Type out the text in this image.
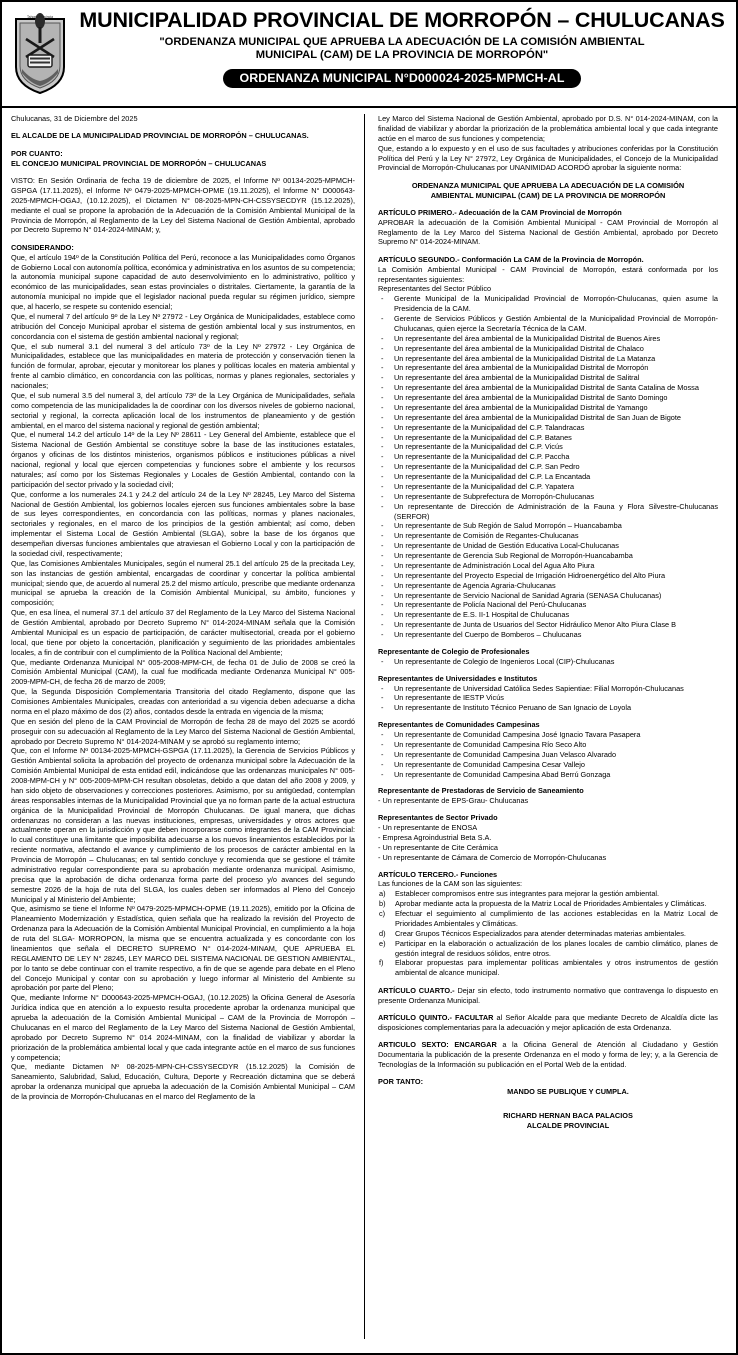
Tahona Provincia MUNICIPALIDAD PROVINCIAL DE MORROPÓN – CHULUCANAS
"ORDENANZA MUNICIPAL QUE APRUEBA LA ADECUACIÓN DE LA COMISIÓN AMBIENTAL
MUNICIPAL (CAM) DE LA PROVINCIA DE MORROPÓN"
ORDENANZA MUNICIPAL N°D000024-2025-MPMCH-AL

Chulucanas, 31 de Diciembre del 2025

EL ALCALDE DE LA MUNICIPALIDAD PROVINCIAL DE MORROPÓN – CHULUCANAS.

POR CUANTO:

EL CONCEJO MUNICIPAL PROVINCIAL DE MORROPÓN – CHULUCANAS

VISTO: En Sesión Ordinaria de fecha 19 de diciembre de 2025, el Informe Nº 00134-2025-MPMCH-GSPGA (17.11.2025), el Informe Nº 0479-2025-MPMCH-OPME (19.11.2025), el Informe N° D000643-2025-MPMCH-OGAJ, (10.12.2025), el Dictamen N° 08-2025-MPN-CH-CSSYSECDYR (15.12.2025), mediante el cual se propone la aprobación de la Adecuación de la Comisión Ambiental Municipal de la Provincia de Morropón, al Reglamento de la Ley del Sistema Nacional de Gestión Ambiental, aprobado por Decreto Supremo N° 014-2024-MINAM; y,

CONSIDERANDO:

Que, el artículo 194º de la Constitución Política del Perú, reconoce a las Municipalidades como Órganos de Gobierno Local con autonomía política, económica y administrativa en los asuntos de su competencia; la autonomía municipal supone capacidad de auto desenvolvimiento en lo administrativo, político y económico de las municipalidades, sean estas provinciales o distritales. Ciertamente, la garantía de la autonomía municipal no impide que el legislador nacional pueda regular su régimen jurídico, siempre que, al hacerlo, se respete su contenido esencial;

Que, el numeral 7 del artículo 9º de la Ley Nº 27972 - Ley Orgánica de Municipalidades, establece como atribución del Concejo Municipal aprobar el sistema de gestión ambiental local y sus instrumentos, en concordancia con el sistema de gestión ambiental nacional y regional;

Que, el sub numeral 3.1 del numeral 3 del artículo 73º de la Ley Nº 27972 - Ley Orgánica de Municipalidades, establece que las municipalidades en materia de protección y conservación tienen la función de formular, aprobar, ejecutar y monitorear los planes y políticas locales en materia ambiental y frente al cambio climático, en concordancia con las políticas, normas y planes regionales, sectoriales y nacionales;

Que, el sub numeral 3.5 del numeral 3, del artículo 73º de la Ley Orgánica de Municipalidades, señala como competencia de las municipalidades la de coordinar con los diversos niveles de gobierno nacional, sectorial y regional, la correcta aplicación local de los instrumentos de planeamiento y de gestión ambiental, en el marco del sistema nacional y regional de gestión ambiental;

Que, el numeral 14.2 del artículo 14º de la Ley Nº 28611 - Ley General del Ambiente, establece que el Sistema Nacional de Gestión Ambiental se constituye sobre la base de las instituciones estatales, órganos y oficinas de los distintos ministerios, organismos públicos e instituciones públicas a nivel nacional, regional y local que ejercen competencias y funciones sobre el ambiente y los recursos naturales; así como por los Sistemas Regionales y Locales de Gestión Ambiental, contando con la participación del sector privado y la sociedad civil;

Que, conforme a los numerales 24.1 y 24.2 del artículo 24 de la Ley Nº 28245, Ley Marco del Sistema Nacional de Gestión Ambiental, los gobiernos locales ejercen sus funciones ambientales sobre la base de sus leyes correspondientes, en concordancia con las políticas, normas y planes nacionales, sectoriales y regionales, en el marco de los principios de la gestión ambiental; así como, deben implementar el Sistema Local de Gestión Ambiental (SLGA), sobre la base de los órganos que desempeñan diversas funciones ambientales que atraviesan el Gobierno Local y con la participación de la sociedad civil, respectivamente;

Que, las Comisiones Ambientales Municipales, según el numeral 25.1 del artículo 25 de la precitada Ley, son las instancias de gestión ambiental, encargadas de coordinar y concertar la política ambiental municipal; siendo que, de acuerdo al numeral 25.2 del mismo artículo, prescribe que mediante ordenanza municipal se aprueba la creación de la Comisión Ambiental Municipal, su ámbito, funciones y composición;

Que, en esa línea, el numeral 37.1 del artículo 37 del Reglamento de la Ley Marco del Sistema Nacional de Gestión Ambiental, aprobado por Decreto Supremo N° 014-2024-MINAM señala que la Comisión Ambiental Municipal es un espacio de participación, de carácter multisectorial, creada por el gobierno local, que tiene por objeto la concertación, planificación y seguimiento de las prioridades ambientales locales, a fin de contribuir con el cumplimiento de la Política Nacional del Ambiente;

Que, mediante Ordenanza Municipal N° 005-2008-MPM-CH, de fecha 01 de Julio de 2008 se creó la Comisión Ambiental Municipal (CAM), la cual fue modificada mediante Ordenanza Municipal N° 005-2009-MPM-CH, de fecha 26 de marzo de 2009;

Que, la Segunda Disposición Complementaria Transitoria del citado Reglamento, dispone que las Comisiones Ambientales Municipales, creadas con anterioridad a su vigencia deben adecuarse a dicha norma en el plazo máximo de dos (2) años, contados desde la entrada en vigencia de la misma;

Que en sesión del pleno de la CAM Provincial de Morropón de fecha 28 de mayo del 2025 se acordó proseguir con su adecuación al Reglamento de la Ley Marco del Sistema Nacional de Gestión Ambiental, aprobado por Decreto Supremo N° 014-2024-MINAM y se aprobó su reglamento interno;

Que, con el Informe Nº 00134-2025-MPMCH-GSPGA (17.11.2025), la Gerencia de Servicios Públicos y Gestión Ambiental solicita la aprobación del proyecto de ordenanza municipal sobre la Adecuación de la Comisión Ambiental Municipal de esta entidad edil, indicándose que las ordenanzas municipales N° 005-2008-MPM-CH y N° 005-2009-MPM-CH resultan obsoletas, debido a que datan del año 2008 y 2009, y han sido objeto de observaciones y correcciones posteriores. Asimismo, por su antigüedad, contemplan áreas responsables internas de la Municipalidad Provincial que ya no forman parte de la actual estructura orgánica de la Municipalidad Provincial de Morropón Chulucanas. De igual manera, que dichas ordenanzas no consideran a las nuevas instituciones, empresas, universidades y otros actores que actualmente operan en la jurisdicción y que deben incorporarse como integrantes de la CAM Provincial: lo cual constituye una limitante que imposibilita adecuarse a los nuevos lineamientos establecidos por la reciente normativa, afectando el avance y cumplimiento de los procesos de carácter ambiental en la Provincia de Morropón – Chulucanas; en tal sentido concluye y recomienda que se gestione el trámite administrativo regular correspondiente para su aprobación mediante ordenanza municipal. Asimismo, precisa que la aprobación de dicha ordenanza forma parte del proceso y/o avances del segundo semestre 2026 de la hoja de ruta del SLGA, los cuales deben ser informados al Pleno del Concejo Municipal y al Ministerio del Ambiente;

Que, asimismo se tiene el Informe Nº 0479-2025-MPMCH-OPME (19.11.2025), emitido por la Oficina de Planeamiento Modernización y Estadística, quien señala que ha realizado la revisión del Proyecto de Ordenanza para la Adecuación de la Comisión Ambiental Municipal Provincial, en cumplimiento a la hoja de ruta del SLGA- MORROPON, la misma que se encuentra actualizada y es concordante con los lineamientos que señala el DECRETO SUPREMO N° 014-2024-MINAM, QUE APRUEBA EL REGLAMENTO DE LEY N° 28245, LEY MARCO DEL SISTEMA NACIONAL DE GESTION AMBIENTAL, por lo tanto se debe continuar con el tramite respectivo, a fin de que se agende para debate en el Pleno del Concejo Municipal y contar con su aprobación y luego informar al Ministerio del Ambiente su aprobación por parte del Pleno;

Que, mediante Informe N° D000643-2025-MPMCH-OGAJ, (10.12.2025) la Oficina General de Asesoría Jurídica indica que en atención a lo expuesto resulta procedente aprobar la ordenanza municipal que aprueba la adecuación de la Comisión Ambiental Municipal – CAM de la Provincia de Morropón – Chulucanas en el marco del Reglamento de la Ley Marco del Sistema Nacional de Gestión Ambiental, aprobado por Decreto Supremo N° 014 2024-MINAM, con la finalidad de viabilizar y abordar la priorización de la problemática ambiental local y que cada integrante actúe en el marco de sus funciones y competencia;

Que, mediante Dictamen Nº 08-2025-MPN-CH-CSSYSECDYR (15.12.2025) la Comisión de Saneamiento, Salubridad, Salud, Educación, Cultura, Deporte y Recreación dictamina que se deberá aprobar la ordenanza municipal que aprueba la adecuación de la Comisión Ambiental Municipal – CAM de la provincia de Morropón-Chulucanas en el marco del Reglamento de la

Ley Marco del Sistema Nacional de Gestión Ambiental, aprobado por D.S. N° 014-2024-MINAM, con la finalidad de viabilizar y abordar la priorización de la problemática ambiental local y que cada integrante actúe en el marco de sus funciones y competencia;

Que, estando a lo expuesto y en el uso de sus facultades y atribuciones conferidas por la Constitución Política del Perú y la Ley N° 27972, Ley Orgánica de Municipalidades, el Concejo de la Municipalidad Provincial de Morropón-Chulucanas por UNANIMIDAD ACORDÓ aprobar la siguiente norma:

ORDENANZA MUNICIPAL QUE APRUEBA LA ADECUACIÓN DE LA COMISIÓN
AMBIENTAL MUNICIPAL (CAM) DE LA PROVINCIA DE MORROPÓN

ARTÍCULO PRIMERO.- Adecuación de la CAM Provincial de Morropón

APROBAR la adecuación de la Comisión Ambiental Municipal - CAM Provincial de Morropón al Reglamento de la Ley Marco del Sistema Nacional de Gestión Ambiental, aprobado por Decreto Supremo N° 014-2024-MINAM.

ARTÍCULO SEGUNDO.- Conformación La CAM de la Provincia de Morropón.

La Comisión Ambiental Municipal - CAM Provincial de Morropón, estará conformada por los representantes siguientes:

Representantes del Sector Público

- Gerente Municipal de la Municipalidad Provincial de Morropón-Chulucanas, quien asume la Presidencia de la CAM.
- Gerente de Servicios Públicos y Gestión Ambiental de la Municipalidad Provincial de Morropón-Chulucanas, quien ejerce la Secretaría Técnica de la CAM.
- Un representante del área ambiental de la Municipalidad Distrital de Buenos Aires
- Un representante del área ambiental de la Municipalidad Distrital de Chalaco
- Un representante del área ambiental de la Municipalidad Distrital de La Matanza
- Un representante del área ambiental de la Municipalidad Distrital de Morropón
- Un representante del área ambiental de la Municipalidad Distrital de Salitral
- Un representante del área ambiental de la Municipalidad Distrital de Santa Catalina de Mossa
- Un representante del área ambiental de la Municipalidad Distrital de Santo Domingo
- Un representante del área ambiental de la Municipalidad Distrital de Yamango
- Un representante del área ambiental de la Municipalidad Distrital de San Juan de Bigote
- Un representante de la Municipalidad del C.P. Talandracas
- Un representante de la Municipalidad del C.P. Batanes
- Un representante de la Municipalidad del C.P. Vicús
- Un representante de la Municipalidad del C.P. Paccha
- Un representante de la Municipalidad del C.P. San Pedro
- Un representante de la Municipalidad del C.P. La Encantada
- Un representante de la Municipalidad del C.P. Yapatera
- Un representante de Subprefectura de Morropón-Chulucanas
- Un representante de Dirección de Administración de la Fauna y Flora Silvestre-Chulucanas (SERFOR)
- Un representante de Sub Región de Salud Morropón – Huancabamba
- Un representante de Comisión de Regantes-Chulucanas
- Un representante de Unidad de Gestión Educativa Local-Chulucanas
- Un representante de Gerencia Sub Regional de Morropón-Huancabamba
- Un representante de Administración Local del Agua Alto Piura
- Un representante del Proyecto Especial de Irrigación Hidroenergético del Alto Piura
- Un representante de Agencia Agraria-Chulucanas
- Un representante de Servicio Nacional de Sanidad Agraria (SENASA Chulucanas)
- Un representante de Policía Nacional del Perú-Chulucanas
- Un representante de E.S. II-1 Hospital de Chulucanas
- Un representante de Junta de Usuarios del Sector Hidráulico Menor Alto Piura Clase B
- Un representante del Cuerpo de Bomberos – Chulucanas

Representante de Colegio de Profesionales

- Un representante de Colegio de Ingenieros Local (CIP)-Chulucanas

Representantes de Universidades e Institutos

- Un representante de Universidad Católica Sedes Sapientiae: Filial Morropón-Chulucanas
- Un representante de IESTP Vicús
- Un representante de Instituto Técnico Peruano de San Ignacio de Loyola

Representantes de Comunidades Campesinas

- Un representante de Comunidad Campesina José Ignacio Tavara Pasapera
- Un representante de Comunidad Campesina Río Seco Alto
- Un representante de Comunidad Campesina Juan Velasco Alvarado
- Un representante de Comunidad Campesina Cesar Vallejo
- Un representante de Comunidad Campesina Abad Berrú Gonzaga

Representante de Prestadoras de Servicio de Saneamiento

- Un representante de EPS-Grau- Chulucanas

Representantes de Sector Privado

- Un representante de ENOSA
- Empresa Agroindustrial Beta S.A.
- Un representante de Cite Cerámica
- Un representante de Cámara de Comercio de Morropón-Chulucanas

ARTÍCULO TERCERO.- Funciones

Las funciones de la CAM son las siguientes:

a) Establecer compromisos entre sus integrantes para mejorar la gestión ambiental.
b) Aprobar mediante acta la propuesta de la Matriz Local de Prioridades Ambientales y Climáticas.
c) Efectuar el seguimiento al cumplimiento de las acciones establecidas en la Matriz Local de Prioridades Ambientales y Climáticas.
d) Crear Grupos Técnicos Especializados para atender determinadas materias ambientales.
e) Participar en la elaboración o actualización de los planes locales de cambio climático, planes de gestión integral de residuos sólidos, entre otros.
f) Elaborar propuestas para implementar políticas ambientales y otros instrumentos de gestión ambiental de alcance municipal.

ARTÍCULO CUARTO.- Dejar sin efecto, todo instrumento normativo que contravenga lo dispuesto en presente Ordenanza Municipal.

ARTÍCULO QUINTO.- FACULTAR al Señor Alcalde para que mediante Decreto de Alcaldía dicte las disposiciones complementarias para la adecuación y mejor aplicación de esta Ordenanza.

ARTICULO SEXTO: ENCARGAR a la Oficina General de Atención al Ciudadano y Gestión Documentaria la publicación de la presente Ordenanza en el modo y forma de ley; y, a la Gerencia de Tecnologías de la Información su publicación en el Portal Web de la entidad.

POR TANTO:

MANDO SE PUBLIQUE Y CUMPLA.

RICHARD HERNAN BACA PALACIOS
ALCALDE PROVINCIAL
